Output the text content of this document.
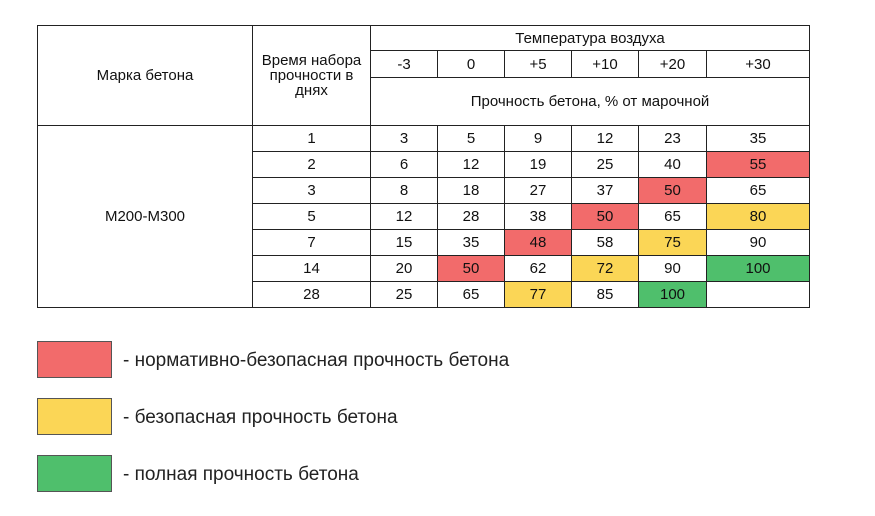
Марка бетона	Время набора прочности в днях	Температура воздуха					
		-3	0	+5	+10	+20	+30
		Прочность бетона, % от марочной					
М200-М300	1	3	5	9	12	23	35
	2	6	12	19	25	40	55
	3	8	18	27	37	50	65
	5	12	28	38	50	65	80
	7	15	35	48	58	75	90
	14	20	50	62	72	90	100
	28	25	65	77	85	100	
- нормативно-безопасная прочность бетона
- безопасная прочность бетона
- полная прочность бетона
